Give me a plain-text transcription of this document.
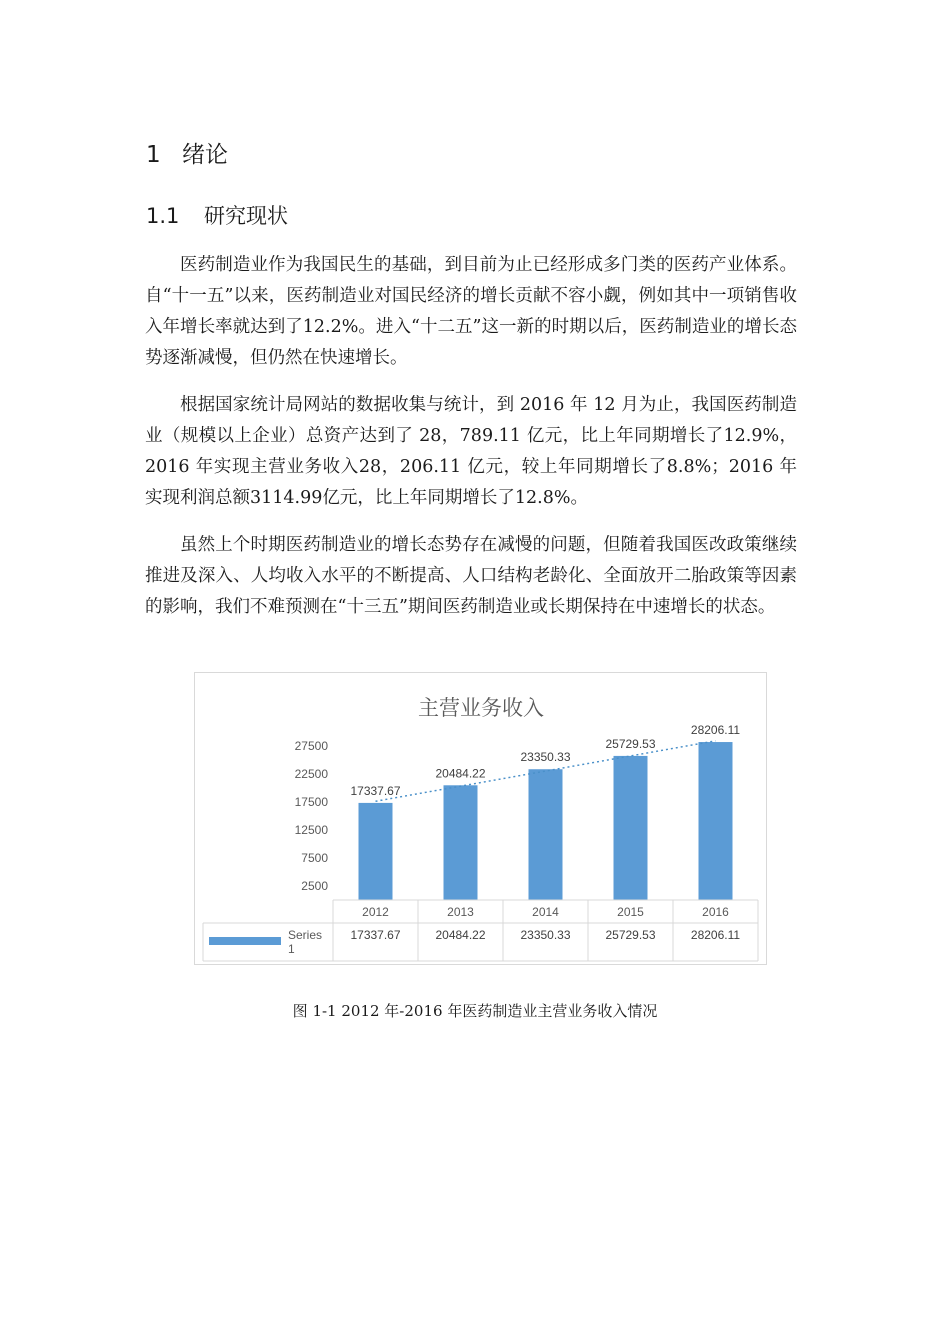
1 绪论
1.1 研究现状

医药制造业作为我国民生的基础，到目前为止已经形成多门类的医药产业体系。自“十一五”以来，医药制造业对国民经济的增长贡献不容小觑，例如其中一项销售收入年增长率就达到了12.2%。进入“十二五”这一新的时期以后，医药制造业的增长态势逐渐减慢，但仍然在快速增长。

根据国家统计局网站的数据收集与统计，到 2016 年 12 月为止，我国医药制造业（规模以上企业）总资产达到了 28，789.11 亿元，比上年同期增长了12.9%，2016 年实现主营业务收入28，206.11 亿元，较上年同期增长了8.8%；2016 年实现利润总额3114.99亿元，比上年同期增长了12.8%。

虽然上个时期医药制造业的增长态势存在减慢的问题，但随着我国医改政策继续推进及深入、人均收入水平的不断提高、人口结构老龄化、全面放开二胎政策等因素的影响，我们不难预测在“十三五”期间医药制造业或长期保持在中速增长的状态。

主营业务收入
2500
7500
12500
17500
22500
27500
17337.67
20484.22
23350.33
25729.53
28206.11
2012
17337.67
2013
20484.22
2014
23350.33
2015
25729.53
2016
28206.11
Series 1
图 1-1 2012 年-2016 年医药制造业主营业务收入情况
